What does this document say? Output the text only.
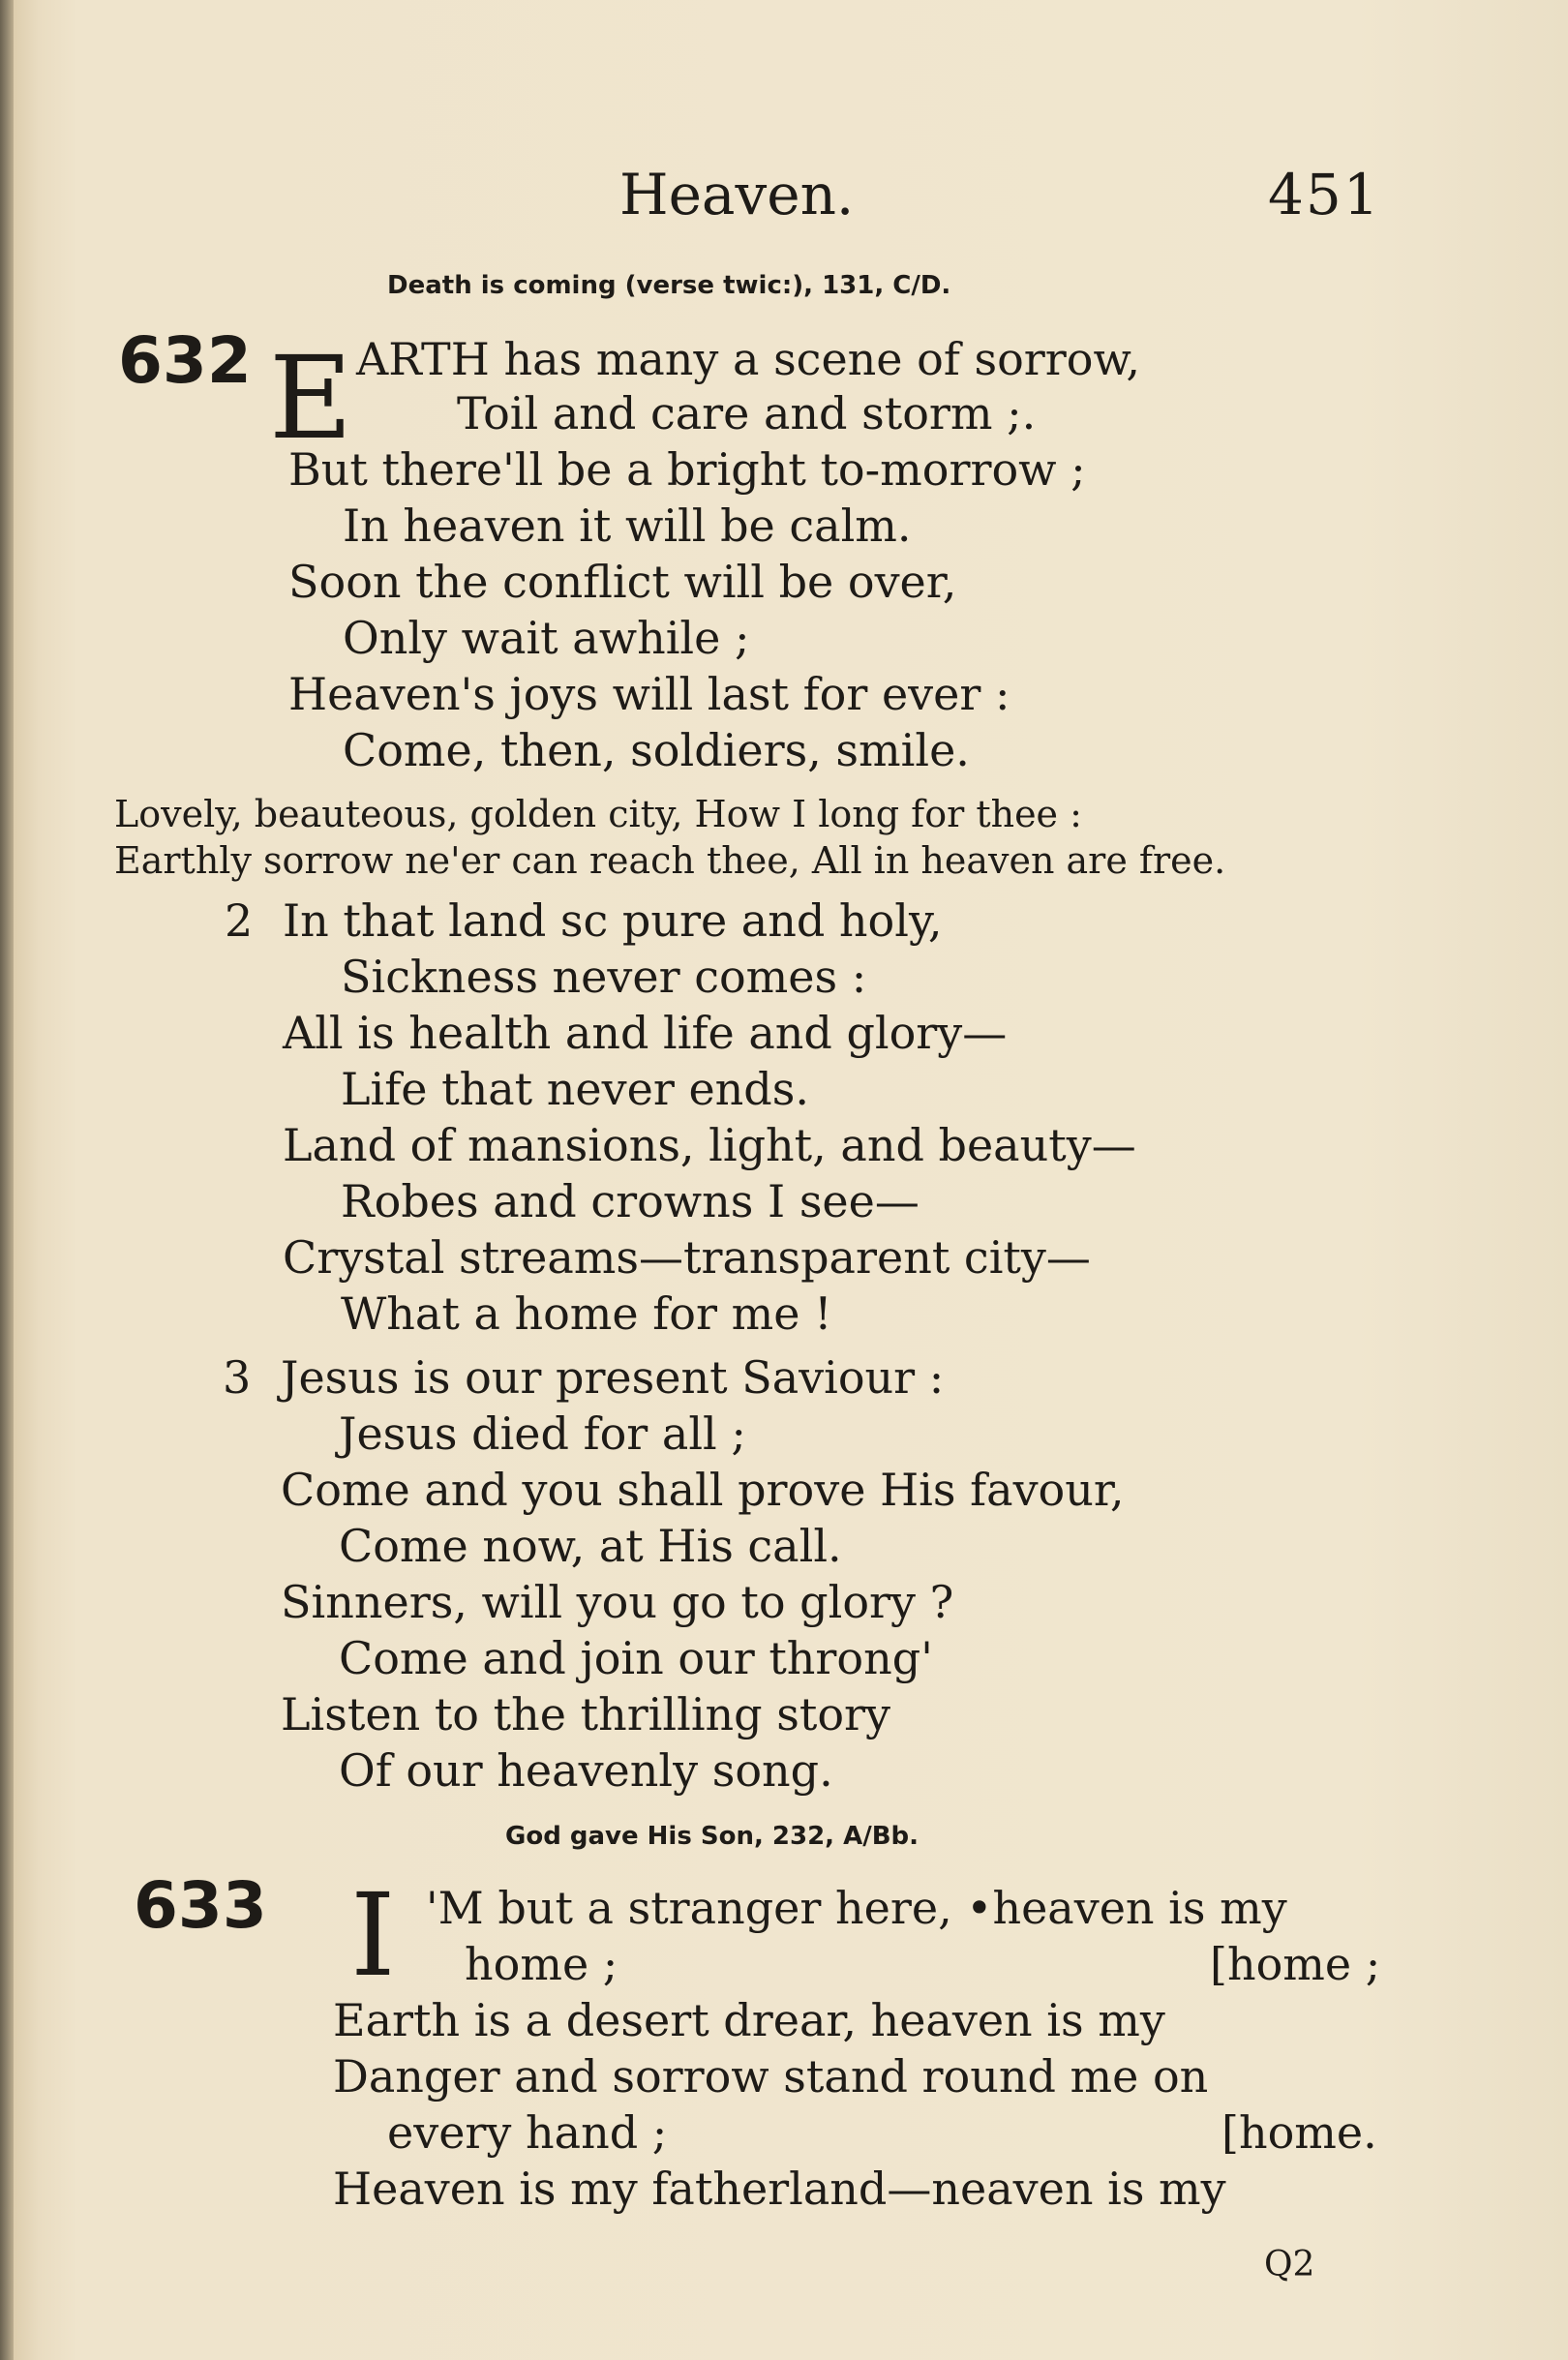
Heaven.	451
Death is coming (verse twic:), 131, C/D.
632 E ARTH has many a scene of sorrow,
Toil and care and storm ;.
But there'll be a bright to-morrow ;
In heaven it will be calm.
Soon the conflict will be over,
Only wait awhile ;
Heaven's joys will last for ever :
Come, then, soldiers, smile.
Lovely, beauteous, golden city, How I long for thee :
Earthly sorrow ne'er can reach thee, All in heaven are free.
2 In that land sc pure and holy,
Sickness never comes :
All is health and life and glory—
Life that never ends.
Land of mansions, light, and beauty—
Robes and crowns I see—
Crystal streams—transparent city—
What a home for me !
3 Jesus is our present Saviour :
Jesus died for all ;
Come and you shall prove His favour,
Come now, at His call.
Sinners, will you go to glory ?
Come and join our throng'
Listen to the thrilling story
Of our heavenly song.
God gave His Son, 232, A/Bb.
633 I 'M but a stranger here, •heaven is my
home ;	[home ;
Earth is a desert drear, heaven is my
Danger and sorrow stand round me on
every hand ;	[home.
Heaven is my fatherland—neaven is my
Q2
